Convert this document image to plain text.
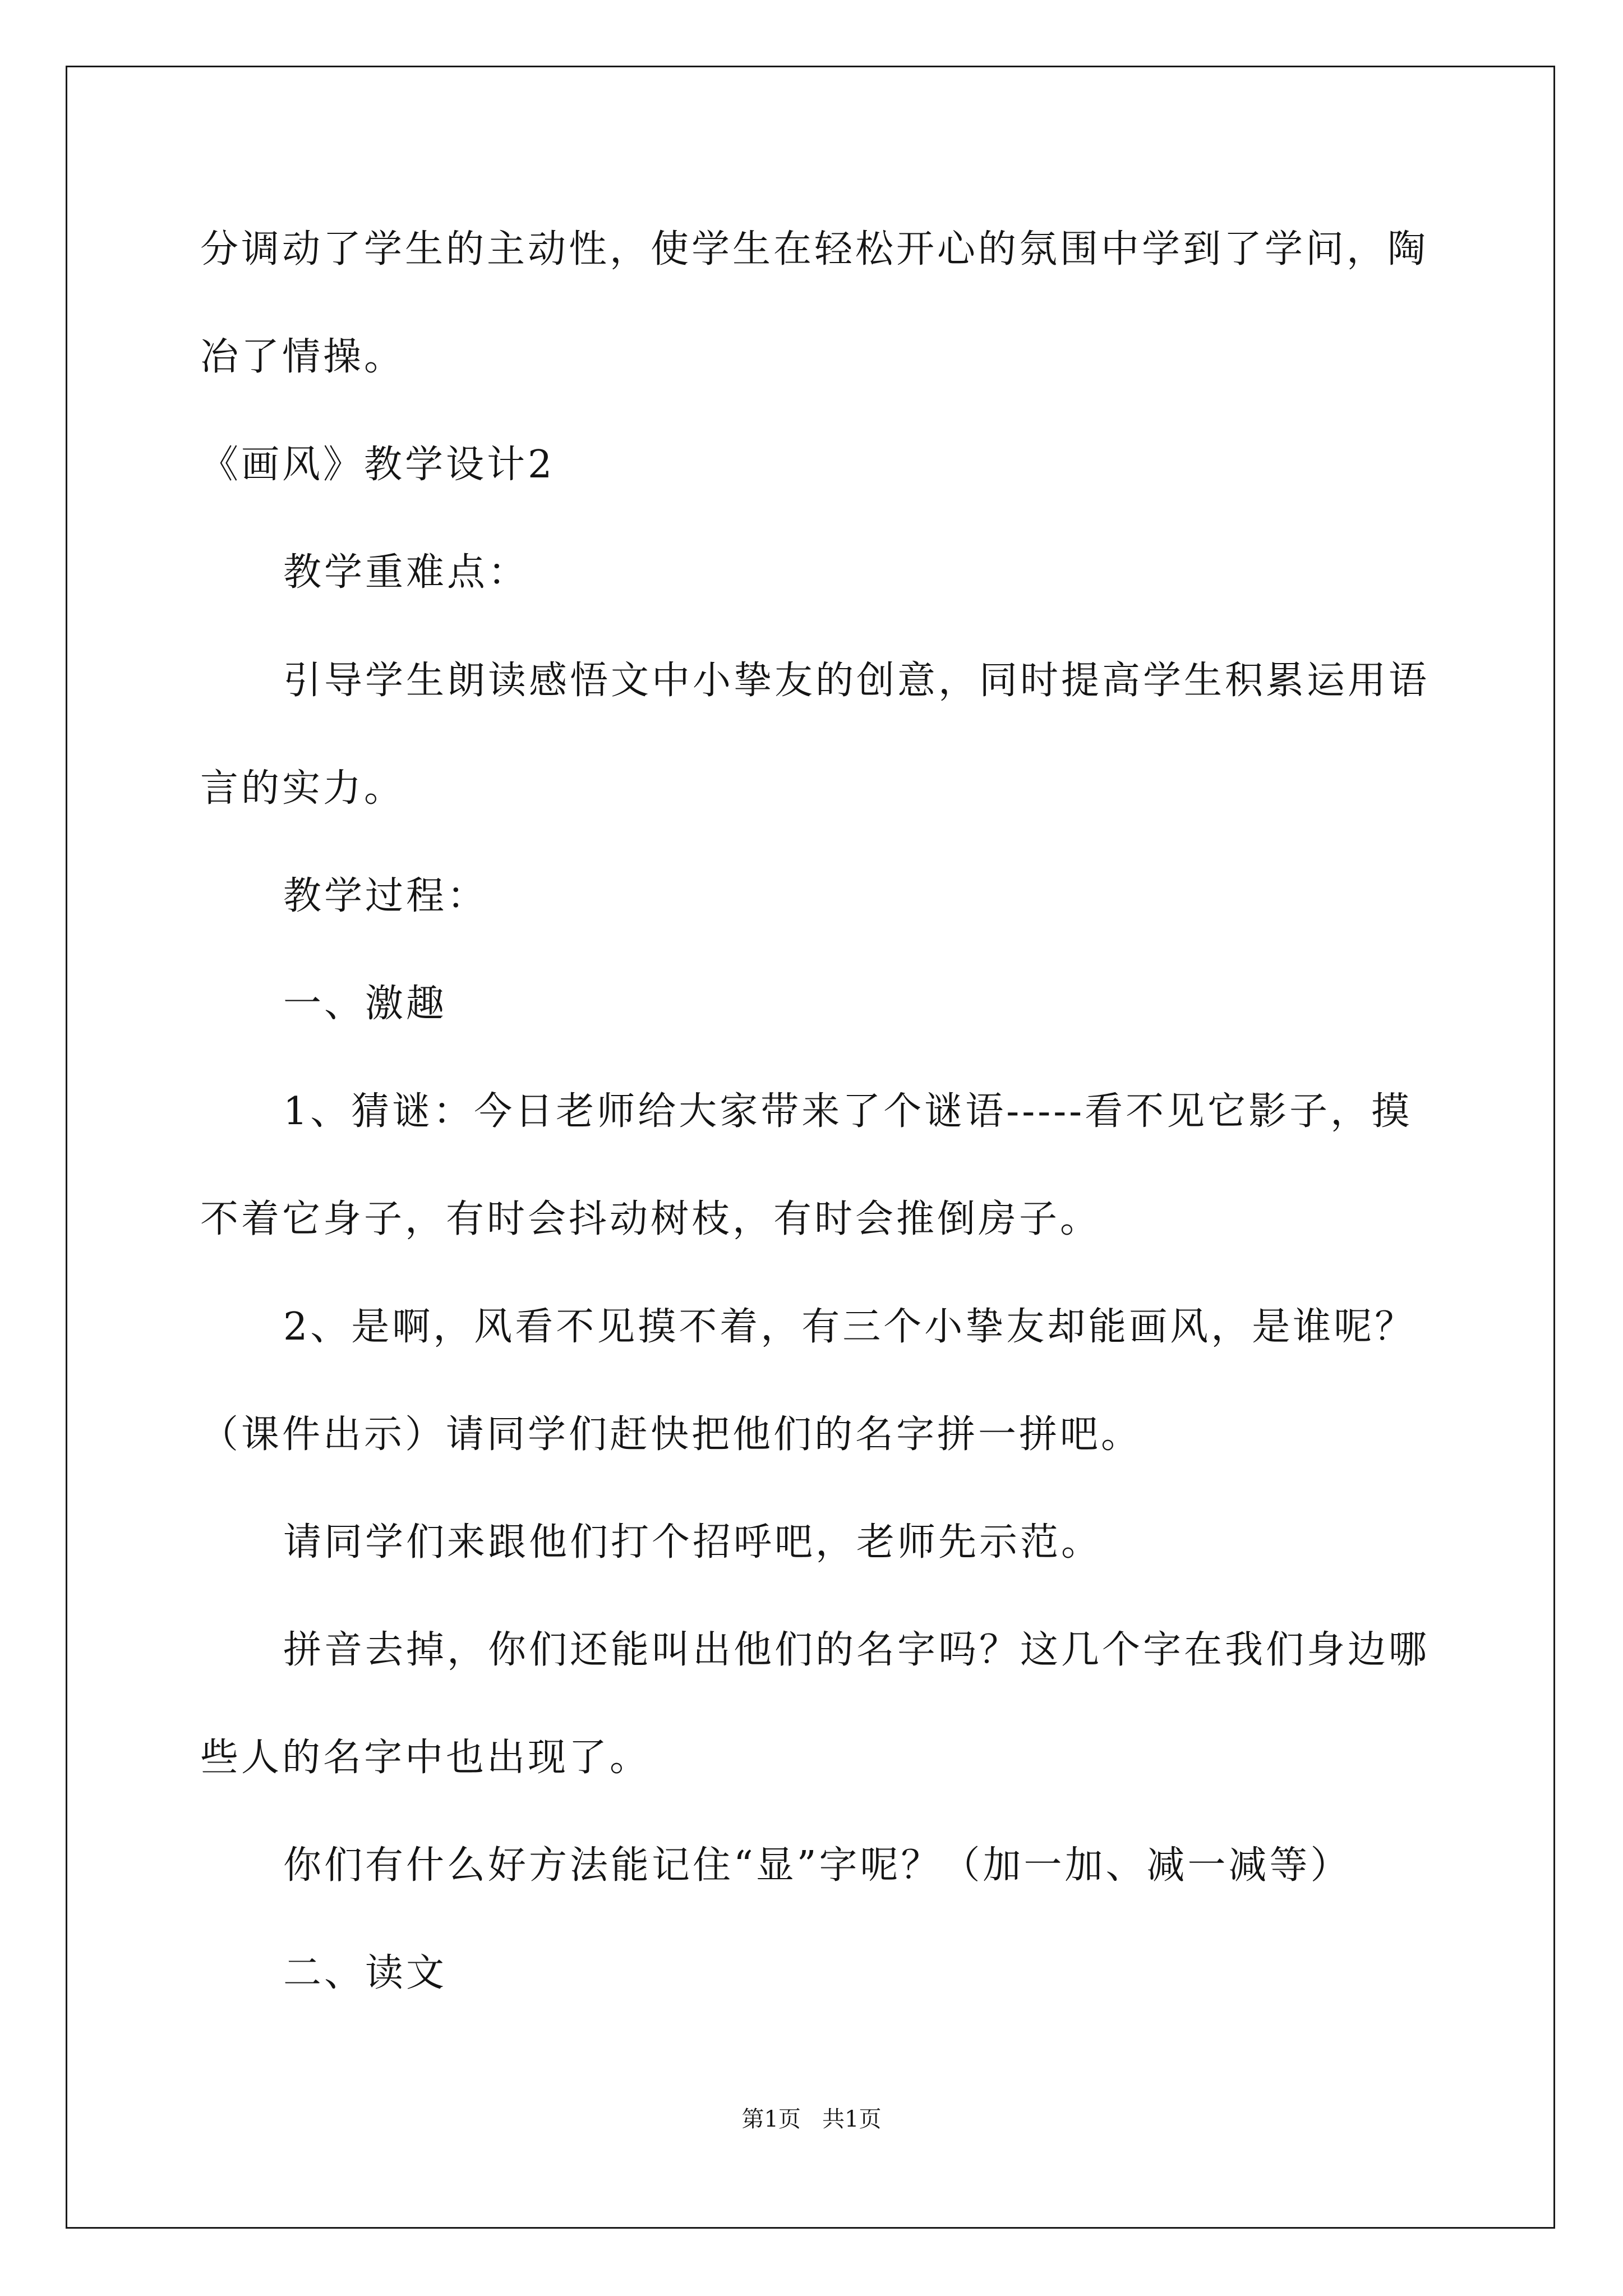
分调动了学生的主动性，使学生在轻松开心的氛围中学到了学问，陶
冶了情操。
《画风》教学设计2
教学重难点：
引导学生朗读感悟文中小挚友的创意，同时提高学生积累运用语
言的实力。
教学过程：
一、激趣
1、猜谜：今日老师给大家带来了个谜语-----看不见它影子，摸
不着它身子，有时会抖动树枝，有时会推倒房子。
2、是啊，风看不见摸不着，有三个小挚友却能画风，是谁呢？
（课件出示）请同学们赶快把他们的名字拼一拼吧。
请同学们来跟他们打个招呼吧，老师先示范。
拼音去掉，你们还能叫出他们的名字吗？这几个字在我们身边哪
些人的名字中也出现了。
你们有什么好方法能记住“显”字呢？（加一加、减一减等）
二、读文
第1页   共1页
